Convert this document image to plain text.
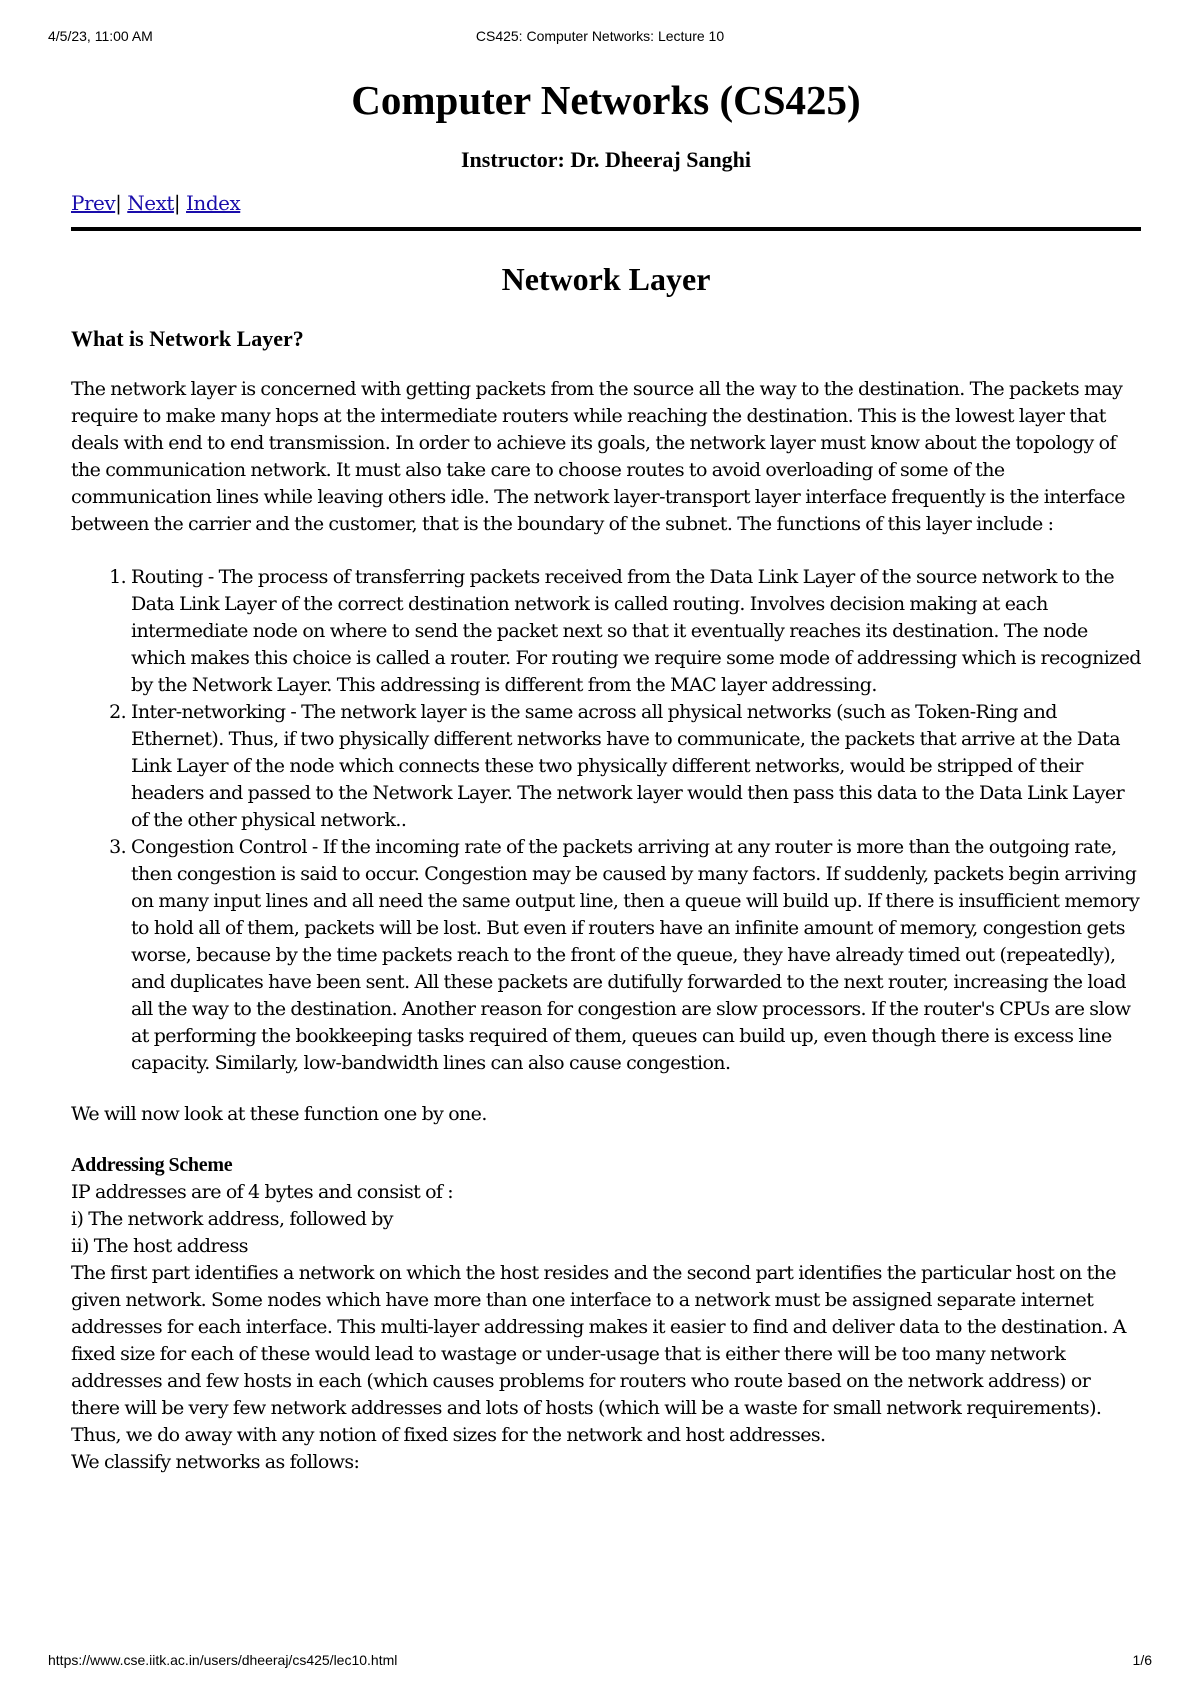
4/5/23, 11:00 AM	CS425: Computer Networks: Lecture 10
Computer Networks (CS425)
Instructor: Dr. Dheeraj Sanghi
Prev| Next| Index
Network Layer
What is Network Layer?

The network layer is concerned with getting packets from the source all the way to the destination. The packets may require to make many hops at the intermediate routers while reaching the destination. This is the lowest layer that deals with end to end transmission. In order to achieve its goals, the network layer must know about the topology of the communication network. It must also take care to choose routes to avoid overloading of some of the communication lines while leaving others idle. The network layer-transport layer interface frequently is the interface between the carrier and the customer, that is the boundary of the subnet. The functions of this layer include :

1. Routing - The process of transferring packets received from the Data Link Layer of the source network to the Data Link Layer of the correct destination network is called routing. Involves decision making at each intermediate node on where to send the packet next so that it eventually reaches its destination. The node which makes this choice is called a router. For routing we require some mode of addressing which is recognized by the Network Layer. This addressing is different from the MAC layer addressing.
2. Inter-networking - The network layer is the same across all physical networks (such as Token-Ring and Ethernet). Thus, if two physically different networks have to communicate, the packets that arrive at the Data Link Layer of the node which connects these two physically different networks, would be stripped of their headers and passed to the Network Layer. The network layer would then pass this data to the Data Link Layer of the other physical network..
3. Congestion Control - If the incoming rate of the packets arriving at any router is more than the outgoing rate, then congestion is said to occur. Congestion may be caused by many factors. If suddenly, packets begin arriving on many input lines and all need the same output line, then a queue will build up. If there is insufficient memory to hold all of them, packets will be lost. But even if routers have an infinite amount of memory, congestion gets worse, because by the time packets reach to the front of the queue, they have already timed out (repeatedly), and duplicates have been sent. All these packets are dutifully forwarded to the next router, increasing the load all the way to the destination. Another reason for congestion are slow processors. If the router's CPUs are slow at performing the bookkeeping tasks required of them, queues can build up, even though there is excess line capacity. Similarly, low-bandwidth lines can also cause congestion.

We will now look at these function one by one.

Addressing Scheme
IP addresses are of 4 bytes and consist of :
i) The network address, followed by
ii) The host address
The first part identifies a network on which the host resides and the second part identifies the particular host on the given network. Some nodes which have more than one interface to a network must be assigned separate internet addresses for each interface. This multi-layer addressing makes it easier to find and deliver data to the destination. A fixed size for each of these would lead to wastage or under-usage that is either there will be too many network addresses and few hosts in each (which causes problems for routers who route based on the network address) or there will be very few network addresses and lots of hosts (which will be a waste for small network requirements). Thus, we do away with any notion of fixed sizes for the network and host addresses.
We classify networks as follows:
https://www.cse.iitk.ac.in/users/dheeraj/cs425/lec10.html	1/6
